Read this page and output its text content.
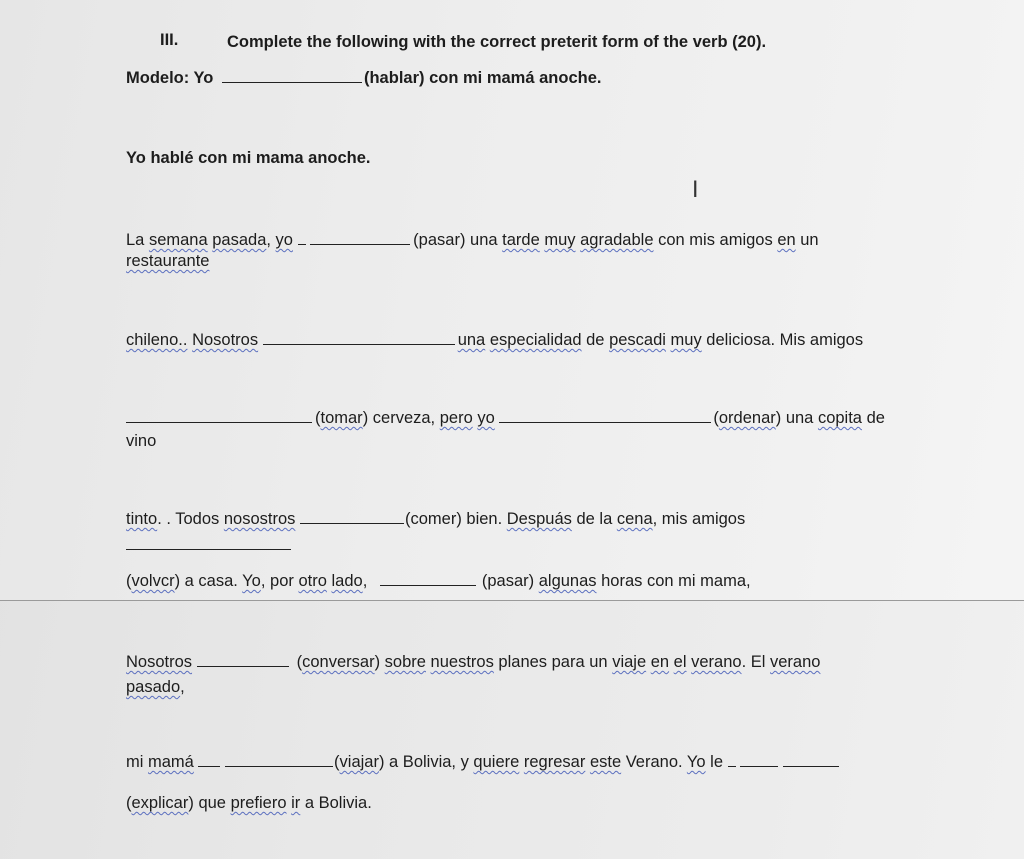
III.	Complete the following with the correct preterit form of the verb (20).
Modelo: Yo	(hablar) con mi mamá anoche.
Yo hablé con mi mama anoche.
I
La semana pasada, yo	(pasar) una tarde muy agradable con mis amigos en un
restaurante
chileno.. Nosotros	una especialidad de pescadi muy deliciosa. Mis amigos
(tomar) cerveza, pero yo	(ordenar) una copita de
vino
tinto. . Todos nosostros	(comer) bien. Despuás de la cena, mis amigos
(volvcr) a casa. Yo, por otro lado,	(pasar) algunas horas con mi mama,
Nosotros	(conversar) sobre nuestros planes para un viaje en el verano. El verano
pasado,
mi mamá	(viajar) a Bolivia, y quiere regresar este Verano. Yo le
(explicar) que prefiero ir a Bolivia.
